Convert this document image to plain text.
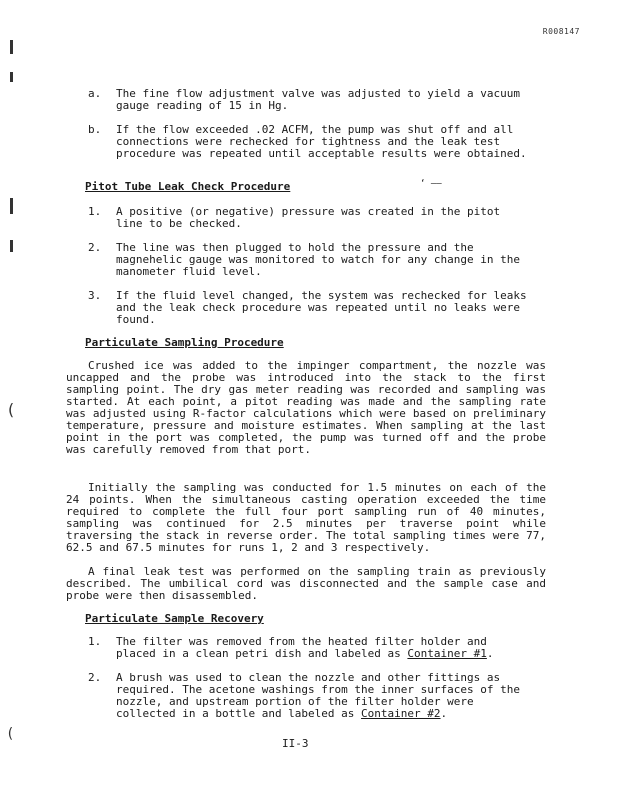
R008147
(
(
a. The fine flow adjustment valve was adjusted to yield a vacuum gauge reading of 15 in Hg.
b. If the flow exceeded .02 ACFM, the pump was shut off and all connections were rechecked for tightness and the leak test procedure was repeated until acceptable results were obtained.
Pitot Tube Leak Check Procedure	‘ –—
1. A positive (or negative) pressure was created in the pitot line to be checked.
2. The line was then plugged to hold the pressure and the magnehelic gauge was monitored to watch for any change in the manometer fluid level.
3. If the fluid level changed, the system was rechecked for leaks and the leak check procedure was repeated until no leaks were found.
Particulate Sampling Procedure
Crushed ice was added to the impinger compartment, the nozzle was uncapped and the probe was introduced into the stack to the first sampling point. The dry gas meter reading was recorded and sampling was started. At each point, a pitot reading was made and the sampling rate was adjusted using R-factor calculations which were based on preliminary temperature, pressure and moisture estimates. When sampling at the last point in the port was completed, the pump was turned off and the probe was carefully removed from that port.
Initially the sampling was conducted for 1.5 minutes on each of the 24 points. When the simultaneous casting operation exceeded the time required to complete the full four port sampling run of 40 minutes, sampling was continued for 2.5 minutes per traverse point while traversing the stack in reverse order. The total sampling times were 77, 62.5 and 67.5 minutes for runs 1, 2 and 3 respectively.
A final leak test was performed on the sampling train as previously described. The umbilical cord was disconnected and the sample case and probe were then disassembled.
Particulate Sample Recovery
1. The filter was removed from the heated filter holder and placed in a clean petri dish and labeled as Container #1.
2. A brush was used to clean the nozzle and other fittings as required. The acetone washings from the inner surfaces of the nozzle, and upstream portion of the filter holder were collected in a bottle and labeled as Container #2.
II-3
